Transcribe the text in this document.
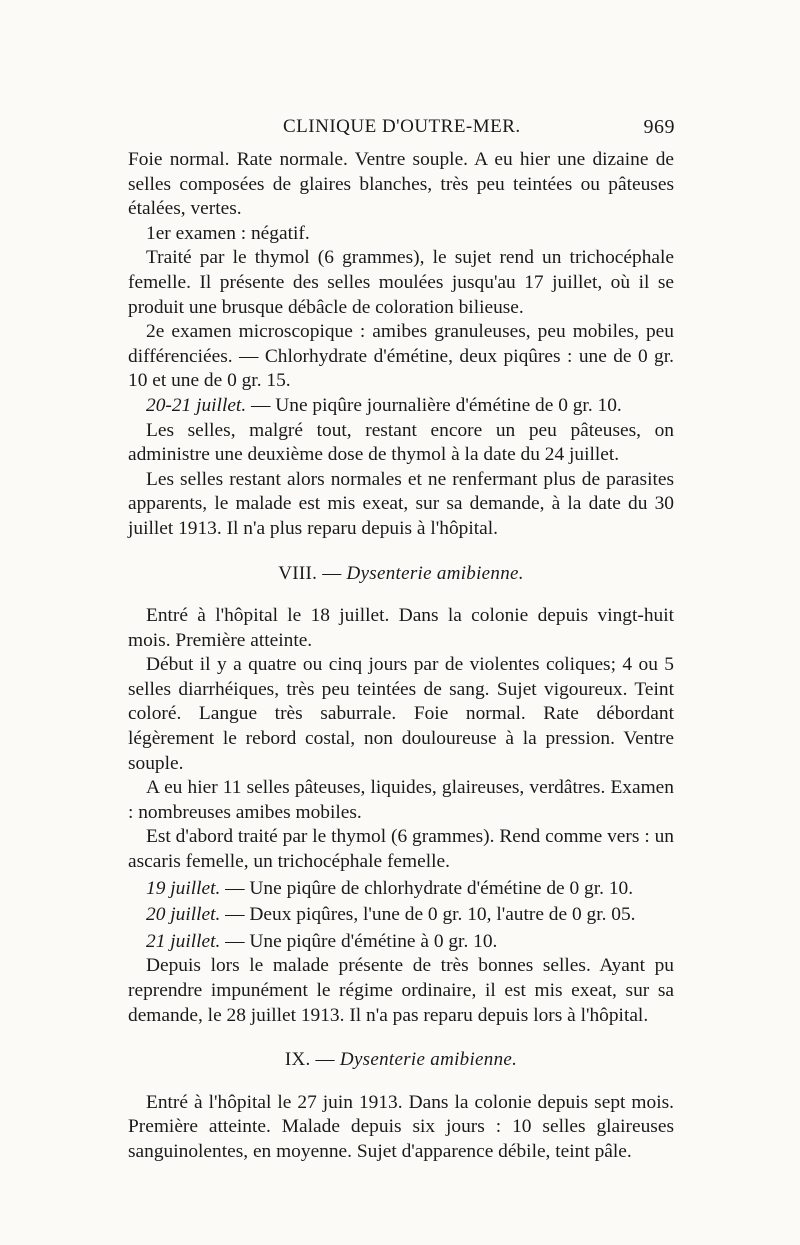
CLINIQUE D'OUTRE-MER.	969

Foie normal. Rate normale. Ventre souple. A eu hier une dizaine de selles composées de glaires blanches, très peu teintées ou pâteuses étalées, vertes.

1er examen : négatif.

Traité par le thymol (6 grammes), le sujet rend un trichocéphale femelle. Il présente des selles moulées jusqu'au 17 juillet, où il se produit une brusque débâcle de coloration bilieuse.

2e examen microscopique : amibes granuleuses, peu mobiles, peu différenciées. — Chlorhydrate d'émétine, deux piqûres : une de 0 gr. 10 et une de 0 gr. 15.

20-21 juillet. — Une piqûre journalière d'émétine de 0 gr. 10.

Les selles, malgré tout, restant encore un peu pâteuses, on administre une deuxième dose de thymol à la date du 24 juillet.

Les selles restant alors normales et ne renfermant plus de parasites apparents, le malade est mis exeat, sur sa demande, à la date du 30 juillet 1913. Il n'a plus reparu depuis à l'hôpital.

VIII. — Dysenterie amibienne.

Entré à l'hôpital le 18 juillet. Dans la colonie depuis vingt-huit mois. Première atteinte.

Début il y a quatre ou cinq jours par de violentes coliques; 4 ou 5 selles diarrhéiques, très peu teintées de sang. Sujet vigoureux. Teint coloré. Langue très saburrale. Foie normal. Rate débordant légèrement le rebord costal, non douloureuse à la pression. Ventre souple.

A eu hier 11 selles pâteuses, liquides, glaireuses, verdâtres. Examen : nombreuses amibes mobiles.

Est d'abord traité par le thymol (6 grammes). Rend comme vers : un ascaris femelle, un trichocéphale femelle.

19 juillet. — Une piqûre de chlorhydrate d'émétine de 0 gr. 10.

20 juillet. — Deux piqûres, l'une de 0 gr. 10, l'autre de 0 gr. 05.

21 juillet. — Une piqûre d'émétine à 0 gr. 10.

Depuis lors le malade présente de très bonnes selles. Ayant pu reprendre impunément le régime ordinaire, il est mis exeat, sur sa demande, le 28 juillet 1913. Il n'a pas reparu depuis lors à l'hôpital.

IX. — Dysenterie amibienne.

Entré à l'hôpital le 27 juin 1913. Dans la colonie depuis sept mois. Première atteinte. Malade depuis six jours : 10 selles glaireuses sanguinolentes, en moyenne. Sujet d'apparence débile, teint pâle.
